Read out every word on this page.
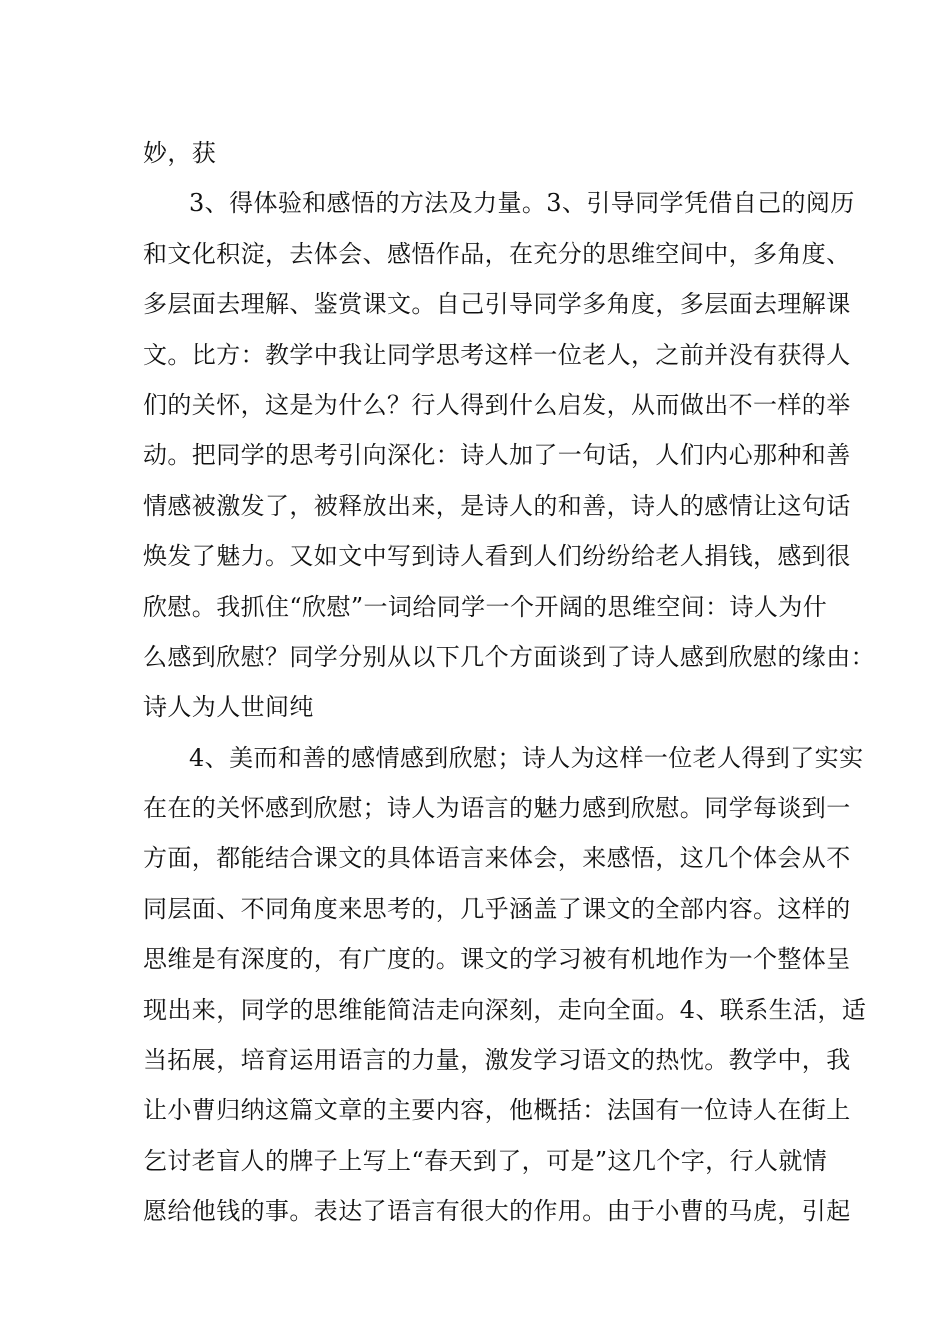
妙，获
3、得体验和感悟的方法及力量。3、引导同学凭借自己的阅历
和文化积淀，去体会、感悟作品，在充分的思维空间中，多角度、
多层面去理解、鉴赏课文。自己引导同学多角度，多层面去理解课
文。比方：教学中我让同学思考这样一位老人，之前并没有获得人
们的关怀，这是为什么？行人得到什么启发，从而做出不一样的举
动。把同学的思考引向深化：诗人加了一句话，人们内心那种和善
情感被激发了，被释放出来，是诗人的和善，诗人的感情让这句话
焕发了魅力。又如文中写到诗人看到人们纷纷给老人捐钱，感到很
欣慰。我抓住“欣慰”一词给同学一个开阔的思维空间：诗人为什
么感到欣慰？同学分别从以下几个方面谈到了诗人感到欣慰的缘由：
诗人为人世间纯
4、美而和善的感情感到欣慰；诗人为这样一位老人得到了实实
在在的关怀感到欣慰；诗人为语言的魅力感到欣慰。同学每谈到一
方面，都能结合课文的具体语言来体会，来感悟，这几个体会从不
同层面、不同角度来思考的，几乎涵盖了课文的全部内容。这样的
思维是有深度的，有广度的。课文的学习被有机地作为一个整体呈
现出来，同学的思维能简洁走向深刻，走向全面。4、联系生活，适
当拓展，培育运用语言的力量，激发学习语文的热忱。教学中，我
让小曹归纳这篇文章的主要内容，他概括：法国有一位诗人在街上
乞讨老盲人的牌子上写上“春天到了，可是”这几个字，行人就情
愿给他钱的事。表达了语言有很大的作用。由于小曹的马虎，引起
